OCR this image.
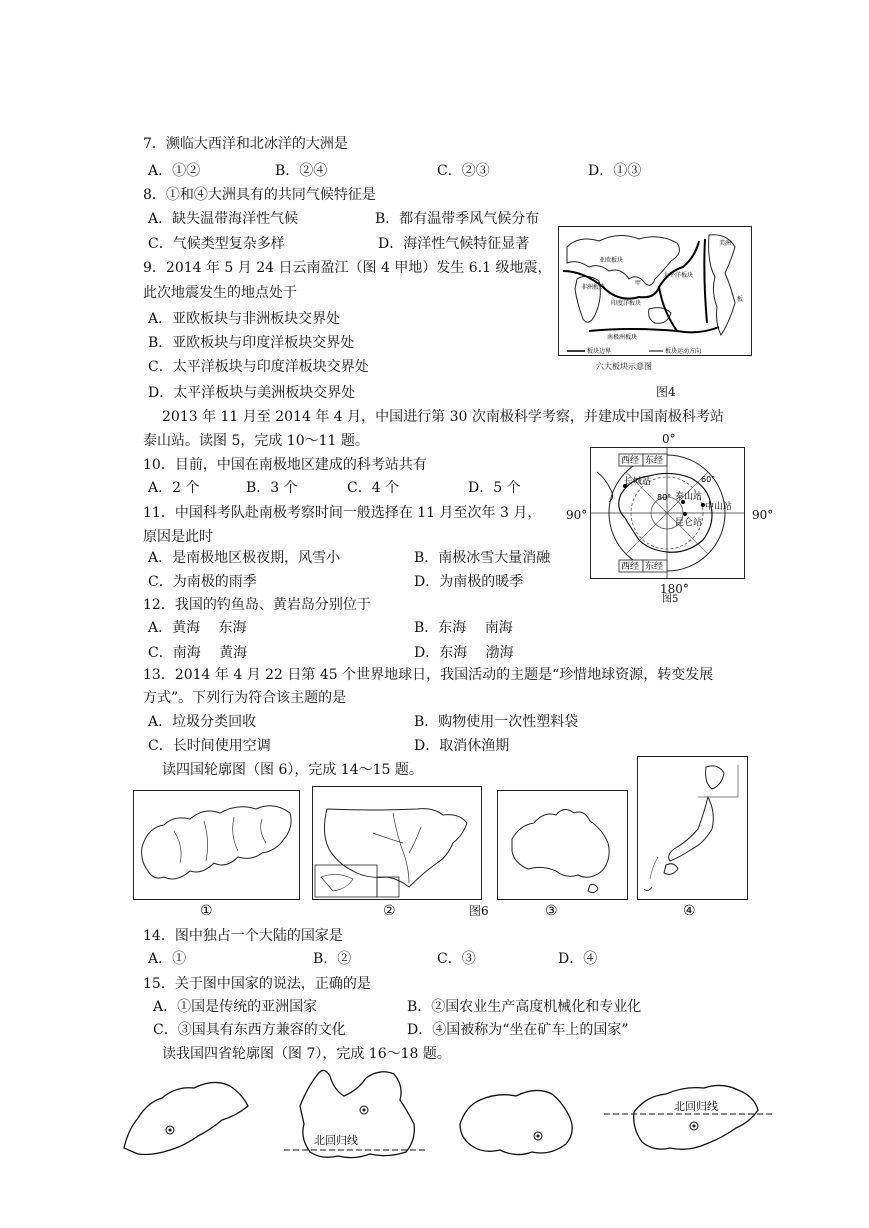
7．濒临大西洋和北冰洋的大洲是
A．①②	B．②④	C．②③	D．①③
8．①和④大洲具有的共同气候特征是
A．缺失温带海洋性气候	B．都有温带季风气候分布
C．气候类型复杂多样	D．海洋性气候特征显著
9．2014 年 5 月 24 日云南盈江（图 4 甲地）发生 6.1 级地震，
此次地震发生的地点处于
A．亚欧板块与非洲板块交界处
B．亚欧板块与印度洋板块交界处
C．太平洋板块与印度洋板块交界处
D．太平洋板块与美洲板块交界处
亚欧板块
非洲板块
印度洋板块
太平洋板块
南极洲板块
美洲
板
甲
板块边界	板块运动方向
六大板块示意图
图4
2013 年 11 月至 2014 年 4 月，中国进行第 30 次南极科学考察，并建成中国南极科考站
泰山站。读图 5，完成 10～11 题。
10．目前，中国在南极地区建成的科考站共有
A．2 个	B．3 个	C．4 个	D．5 个
11．中国科考队赴南极考察时间一般选择在 11 月至次年 3 月，
原因是此时
A．是南极地区极夜期，风雪小	B．南极冰雪大量消融
C．为南极的雨季	D．为南极的暖季
0°
90°	90°
西经 东经
西经 东经
60°
80°
长城站
泰山站
中山站
昆仑站
180°
图5
12．我国的钓鱼岛、黄岩岛分别位于
A．黄海　 东海	B．东海　 南海
C．南海　 黄海	D．东海　 渤海
13．2014 年 4 月 22 日第 45 个世界地球日，我国活动的主题是“珍惜地球资源，转变发展
方式”。下列行为符合该主题的是
A．垃圾分类回收	B．购物使用一次性塑料袋
C．长时间使用空调	D．取消休渔期
读四国轮廓图（图 6），完成 14～15 题。
①	②	图6	③	④
14．图中独占一个大陆的国家是
A．①	B．②	C．③	D．④
15．关于图中国家的说法，正确的是
A．①国是传统的亚洲国家	B．②国农业生产高度机械化和专业化
C．③国具有东西方兼容的文化	D．④国被称为“坐在矿车上的国家”
读我国四省轮廓图（图 7），完成 16～18 题。
北回归线
北回归线
